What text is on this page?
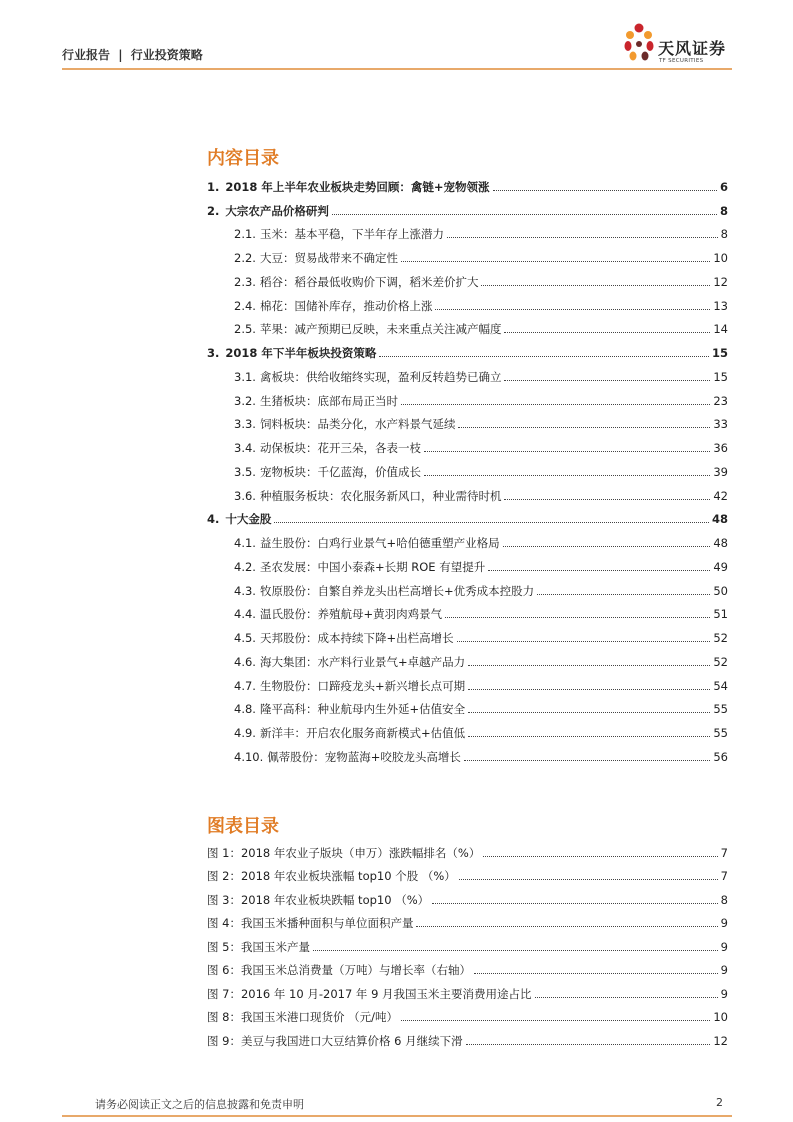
行业报告 | 行业投资策略	天风证券
TF SECURITIES
内容目录
1. 2018 年上半年农业板块走势回顾：禽链+宠物领涨	6
2. 大宗农产品价格研判	8
2.1. 玉米：基本平稳，下半年存上涨潜力	8
2.2. 大豆：贸易战带来不确定性	10
2.3. 稻谷：稻谷最低收购价下调，稻米差价扩大	12
2.4. 棉花：国储补库存，推动价格上涨	13
2.5. 苹果：减产预期已反映，未来重点关注减产幅度	14
3. 2018 年下半年板块投资策略	15
3.1. 禽板块：供给收缩终实现，盈利反转趋势已确立	15
3.2. 生猪板块：底部布局正当时	23
3.3. 饲料板块：品类分化，水产料景气延续	33
3.4. 动保板块：花开三朵，各表一枝	36
3.5. 宠物板块：千亿蓝海，价值成长	39
3.6. 种植服务板块：农化服务新风口，种业需待时机	42
4. 十大金股	48
4.1. 益生股份：白鸡行业景气+哈伯德重塑产业格局	48
4.2. 圣农发展：中国小泰森+长期 ROE 有望提升	49
4.3. 牧原股份：自繁自养龙头出栏高增长+优秀成本控股力	50
4.4. 温氏股份：养殖航母+黄羽肉鸡景气	51
4.5. 天邦股份：成本持续下降+出栏高增长	52
4.6. 海大集团：水产料行业景气+卓越产品力	52
4.7. 生物股份：口蹄疫龙头+新兴增长点可期	54
4.8. 隆平高科：种业航母内生外延+估值安全	55
4.9. 新洋丰：开启农化服务商新模式+估值低	55
4.10. 佩蒂股份：宠物蓝海+咬胶龙头高增长	56
图表目录
图 1： 2018 年农业子版块（申万）涨跌幅排名（%）	7
图 2： 2018 年农业板块涨幅 top10 个股 （%）	7
图 3： 2018 年农业板块跌幅 top10 （%）	8
图 4： 我国玉米播种面积与单位面积产量	9
图 5： 我国玉米产量	9
图 6： 我国玉米总消费量（万吨）与增长率（右轴）	9
图 7： 2016 年 10 月-2017 年 9 月我国玉米主要消费用途占比	9
图 8： 我国玉米港口现货价 （元/吨）	10
图 9： 美豆与我国进口大豆结算价格 6 月继续下滑	12
请务必阅读正文之后的信息披露和免责申明	2
